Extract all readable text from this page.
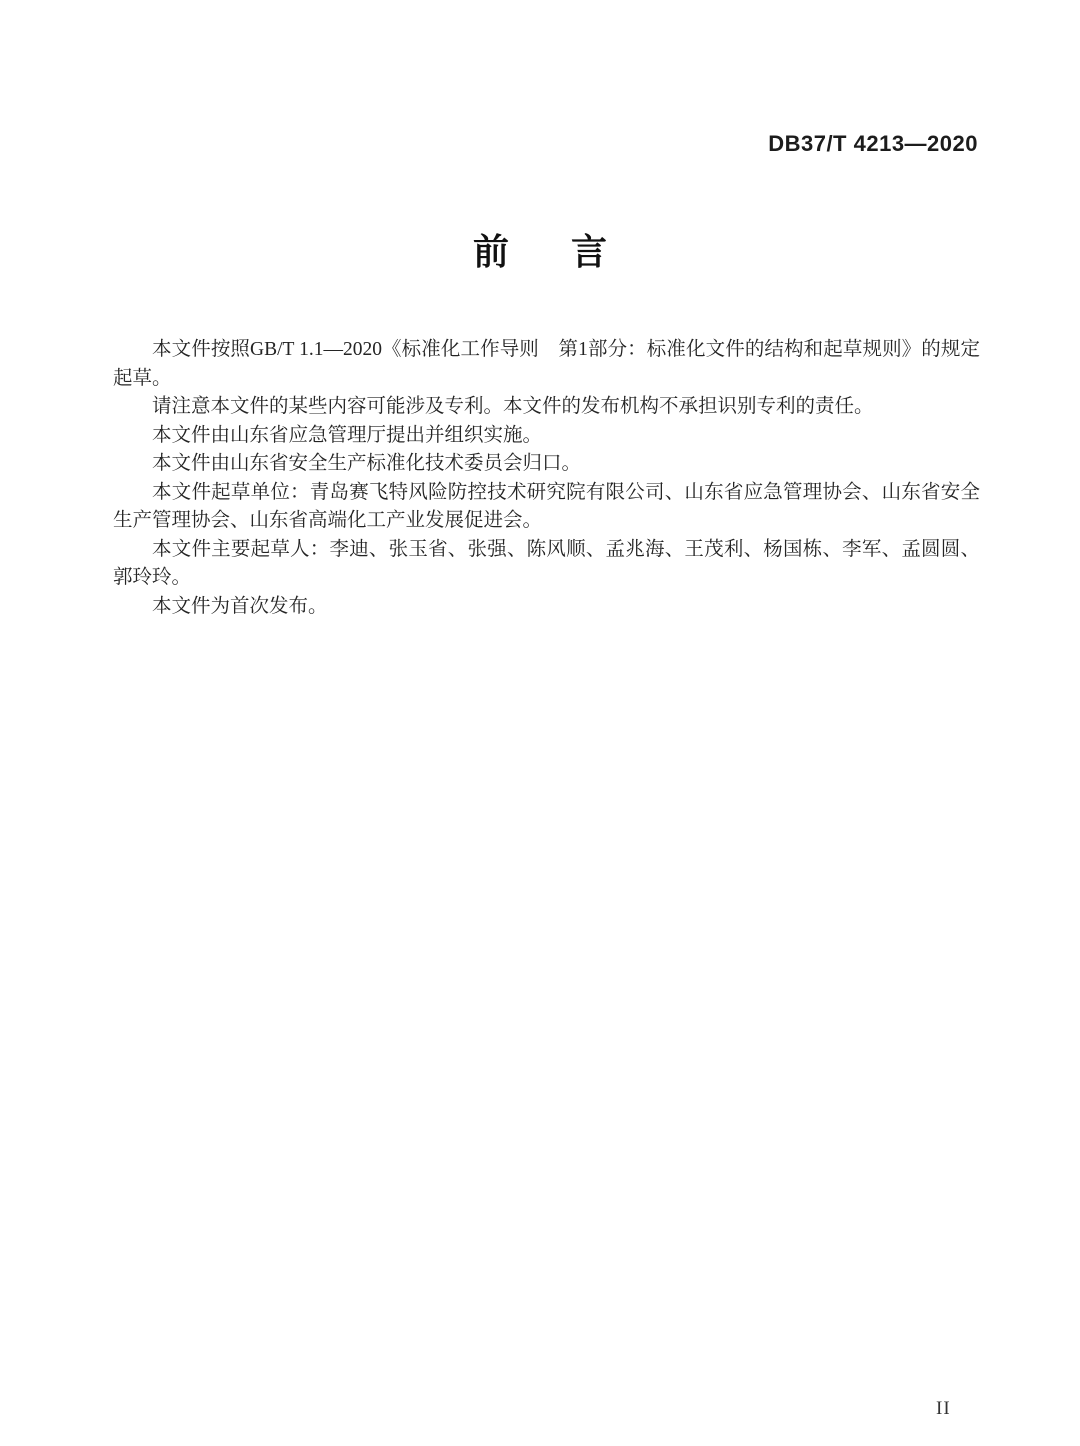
DB37/T 4213—2020
前 言

本文件按照GB/T 1.1—2020《标准化工作导则　第1部分：标准化文件的结构和起草规则》的规定起草。

请注意本文件的某些内容可能涉及专利。本文件的发布机构不承担识别专利的责任。

本文件由山东省应急管理厅提出并组织实施。

本文件由山东省安全生产标准化技术委员会归口。

本文件起草单位：青岛赛飞特风险防控技术研究院有限公司、山东省应急管理协会、山东省安全生产管理协会、山东省高端化工产业发展促进会。

本文件主要起草人：李迪、张玉省、张强、陈风顺、孟兆海、王茂利、杨国栋、李军、孟圆圆、郭玲玲。

本文件为首次发布。

II
